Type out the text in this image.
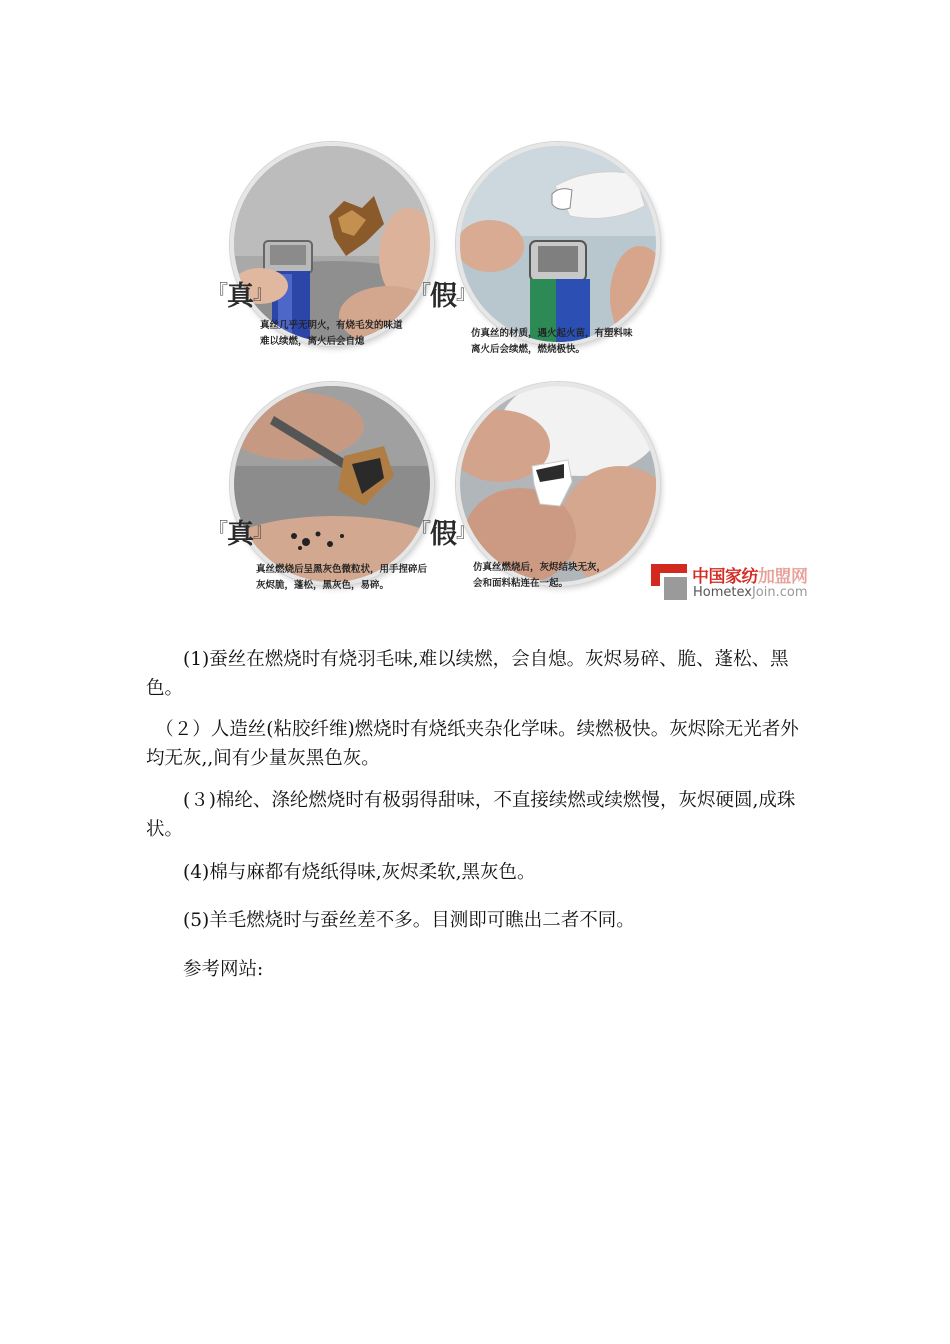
『真』
真丝几乎无明火，有烧毛发的味道
难以续燃，离火后会自熄
『假』
仿真丝的材质，遇火起火苗，有塑料味
离火后会续燃，燃烧极快。
『真』
真丝燃烧后呈黑灰色微粒状，用手捏碎后
灰烬脆，蓬松，黑灰色，易碎。
『假』
仿真丝燃烧后，灰烬结块无灰，
会和面料粘连在一起。	中国家纺加盟网
HometexJoin.com

　　(1)蚕丝在燃烧时有烧羽毛味,难以续燃，会自熄。灰烬易碎、脆、蓬松、黑色。

　（２）人造丝(粘胶纤维)燃烧时有烧纸夹杂化学味。续燃极快。灰烬除无光者外均无灰,,间有少量灰黑色灰。

　　(３)棉纶、涤纶燃烧时有极弱得甜味，不直接续燃或续燃慢，灰烬硬圆,成珠状。

　　(4)棉与麻都有烧纸得味,灰烬柔软,黑灰色。

　　(5)羊毛燃烧时与蚕丝差不多。目测即可瞧出二者不同。

　　参考网站:
